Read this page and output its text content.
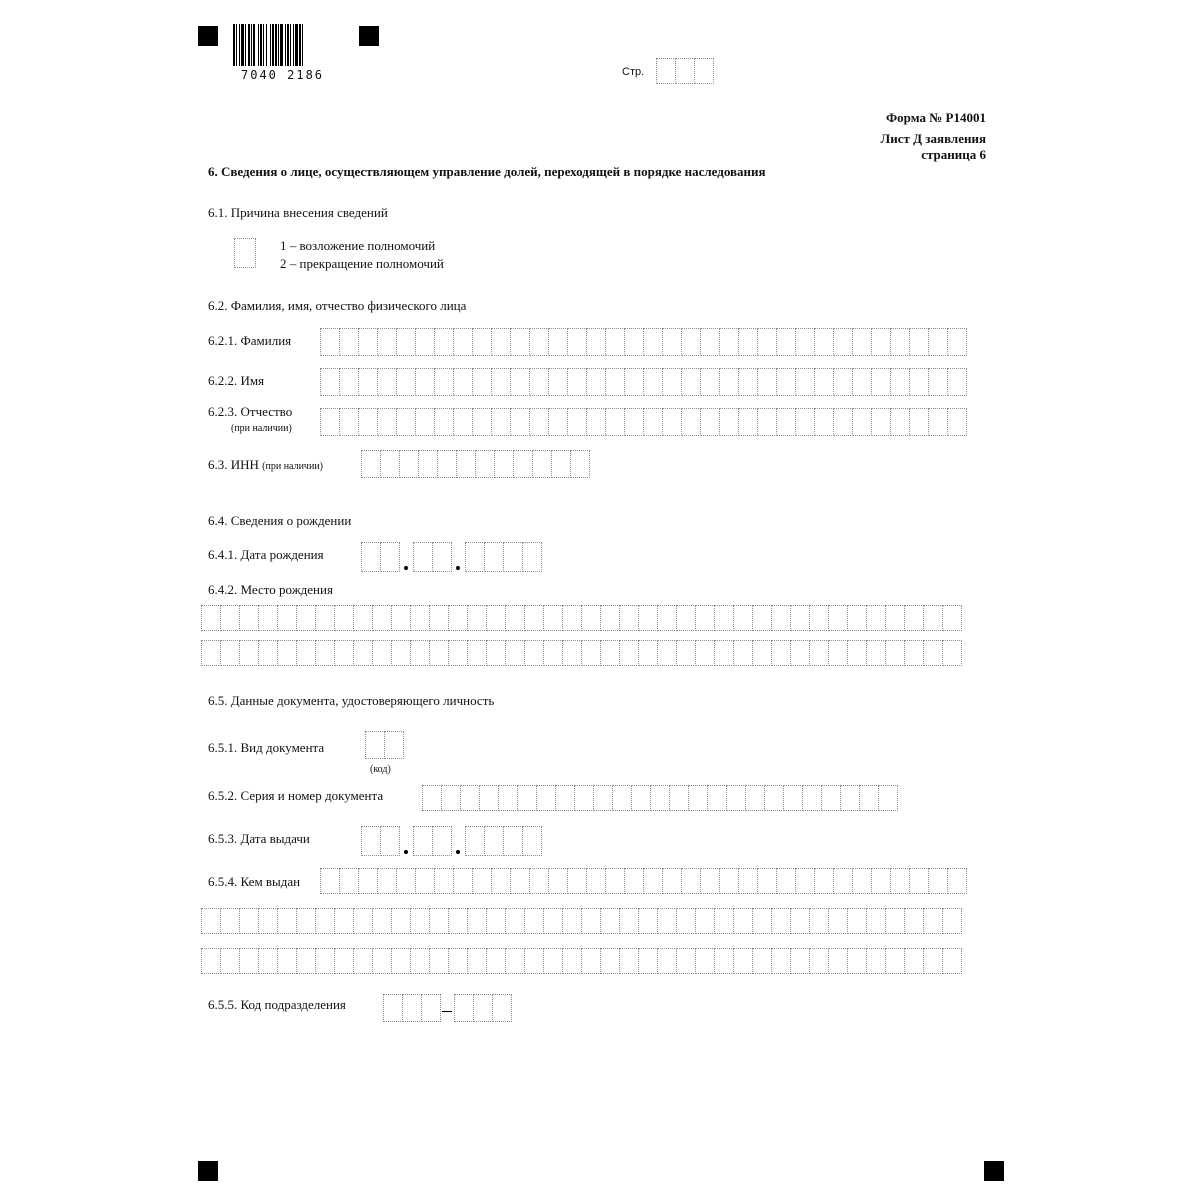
7040 2186	Стр.
Форма № Р14001
Лист Д заявления
страница 6
6. Сведения о лице, осуществляющем управление долей, переходящей в порядке наследования
6.1. Причина внесения сведений
1 – возложение полномочий
2 – прекращение полномочий
6.2. Фамилия, имя, отчество физического лица
6.2.1. Фамилия
6.2.2. Имя
6.2.3. Отчество
(при наличии)
6.3. ИНН (при наличии)
6.4. Сведения о рождении
6.4.1. Дата рождения
6.4.2. Место рождения
6.5. Данные документа, удостоверяющего личность
6.5.1. Вид документа
(код)
6.5.2. Серия и номер документа
6.5.3. Дата выдачи
6.5.4. Кем выдан
6.5.5. Код подразделения
